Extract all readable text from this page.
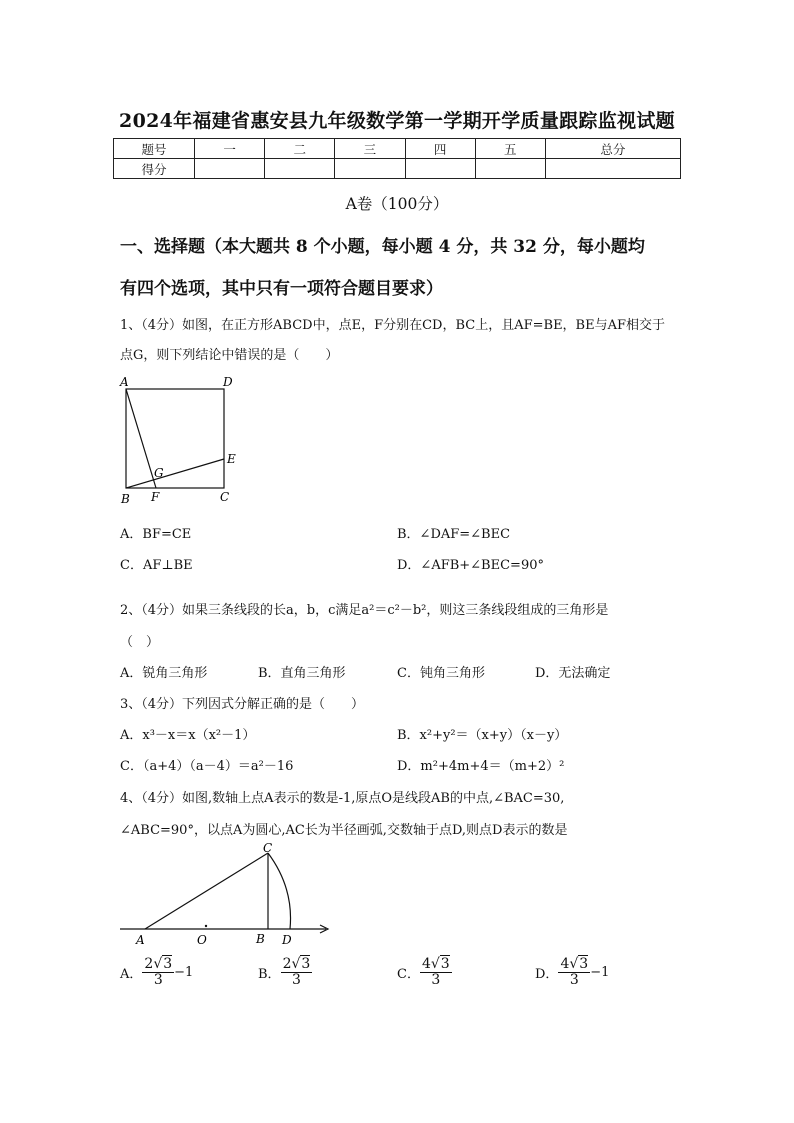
2024年福建省惠安县九年级数学第一学期开学质量跟踪监视试题
题号	一	二	三	四	五	总分
得分						
A卷（100分）
一、选择题（本大题共 8 个小题，每小题 4 分，共 32 分，每小题均
有四个选项，其中只有一项符合题目要求）
1、（4分）如图，在正方形ABCD中，点E，F分别在CD，BC上，且AF=BE，BE与AF相交于
点G，则下列结论中错误的是（　　）
A	D
E
G
B F	C
A．BF=CE	B．∠DAF=∠BEC
C．AF⊥BE	D．∠AFB+∠BEC=90°
2、（4分）如果三条线段的长a，b，c满足a²＝c²－b²，则这三条线段组成的三角形是
（　）
A．锐角三角形	B．直角三角形	C．钝角三角形	D．无法确定
3、（4分）下列因式分解正确的是（　　）
A．x³－x＝x（x²－1）	B．x²+y²＝（x+y）（x－y）
C．（a+4）（a－4）＝a²－16	D．m²+4m+4＝（m+2）²
4、（4分）如图,数轴上点A表示的数是-1,原点O是线段AB的中点,∠BAC=30,
∠ABC=90°，以点A为圆心,AC长为半径画弧,交数轴于点D,则点D表示的数是
A	O	B
C
D
A． $\frac{2√3}{3} -1$	B． $\frac{2√3}{3}$	C． $\frac{4√3}{3}$	D． $\frac{4√3}{3} -1$
